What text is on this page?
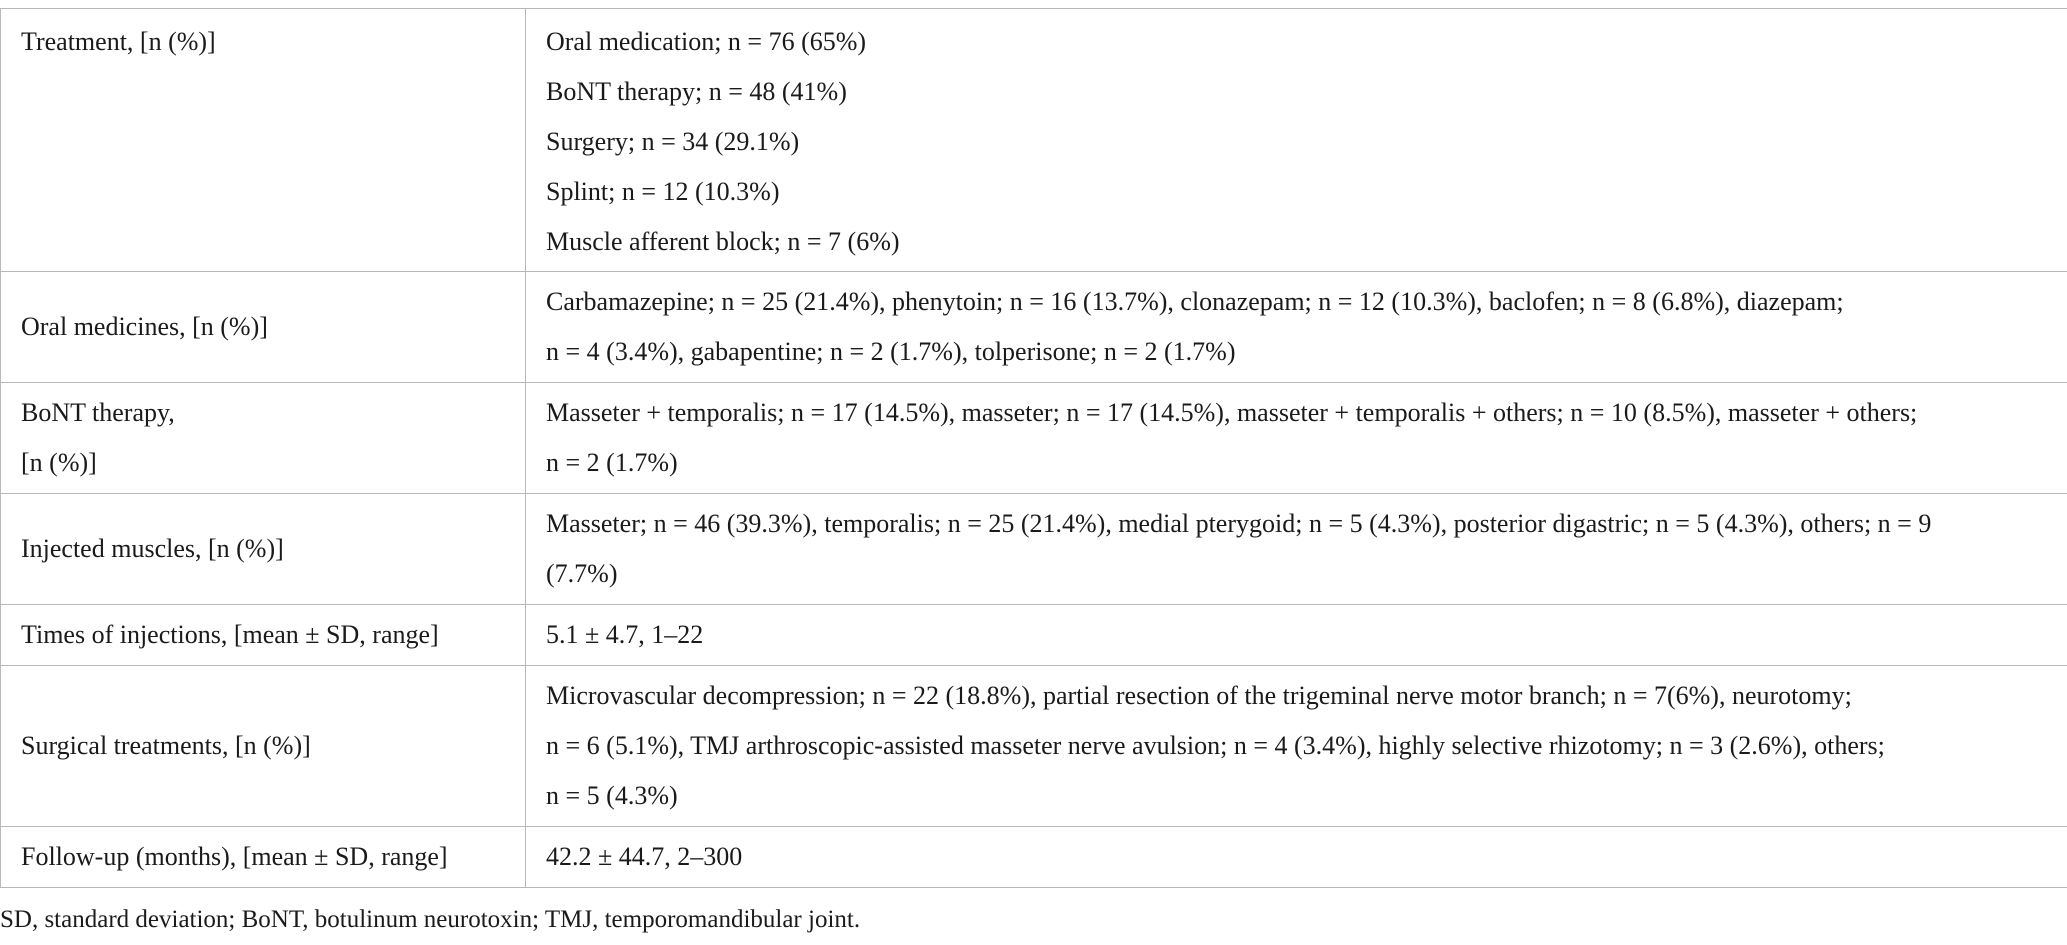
Treatment, [n (%)]	Oral medication; n = 76 (65%)
BoNT therapy; n = 48 (41%)
Surgery; n = 34 (29.1%)
Splint; n = 12 (10.3%)
Muscle afferent block; n = 7 (6%)

Oral medicines, [n (%)]	Carbamazepine; n = 25 (21.4%), phenytoin; n = 16 (13.7%), clonazepam; n = 12 (10.3%), baclofen; n = 8 (6.8%), diazepam;
n = 4 (3.4%), gabapentine; n = 2 (1.7%), tolperisone; n = 2 (1.7%)

BoNT therapy,
[n (%)]	Masseter + temporalis; n = 17 (14.5%), masseter; n = 17 (14.5%), masseter + temporalis + others; n = 10 (8.5%), masseter + others;
n = 2 (1.7%)

Injected muscles, [n (%)]	Masseter; n = 46 (39.3%), temporalis; n = 25 (21.4%), medial pterygoid; n = 5 (4.3%), posterior digastric; n = 5 (4.3%), others; n = 9
(7.7%)

Times of injections, [mean ± SD, range]	5.1 ± 4.7, 1–22

Surgical treatments, [n (%)]	Microvascular decompression; n = 22 (18.8%), partial resection of the trigeminal nerve motor branch; n = 7(6%), neurotomy;
n = 6 (5.1%), TMJ arthroscopic-assisted masseter nerve avulsion; n = 4 (3.4%), highly selective rhizotomy; n = 3 (2.6%), others;
n = 5 (4.3%)

Follow-up (months), [mean ± SD, range]	42.2 ± 44.7, 2–300
SD, standard deviation; BoNT, botulinum neurotoxin; TMJ, temporomandibular joint.
